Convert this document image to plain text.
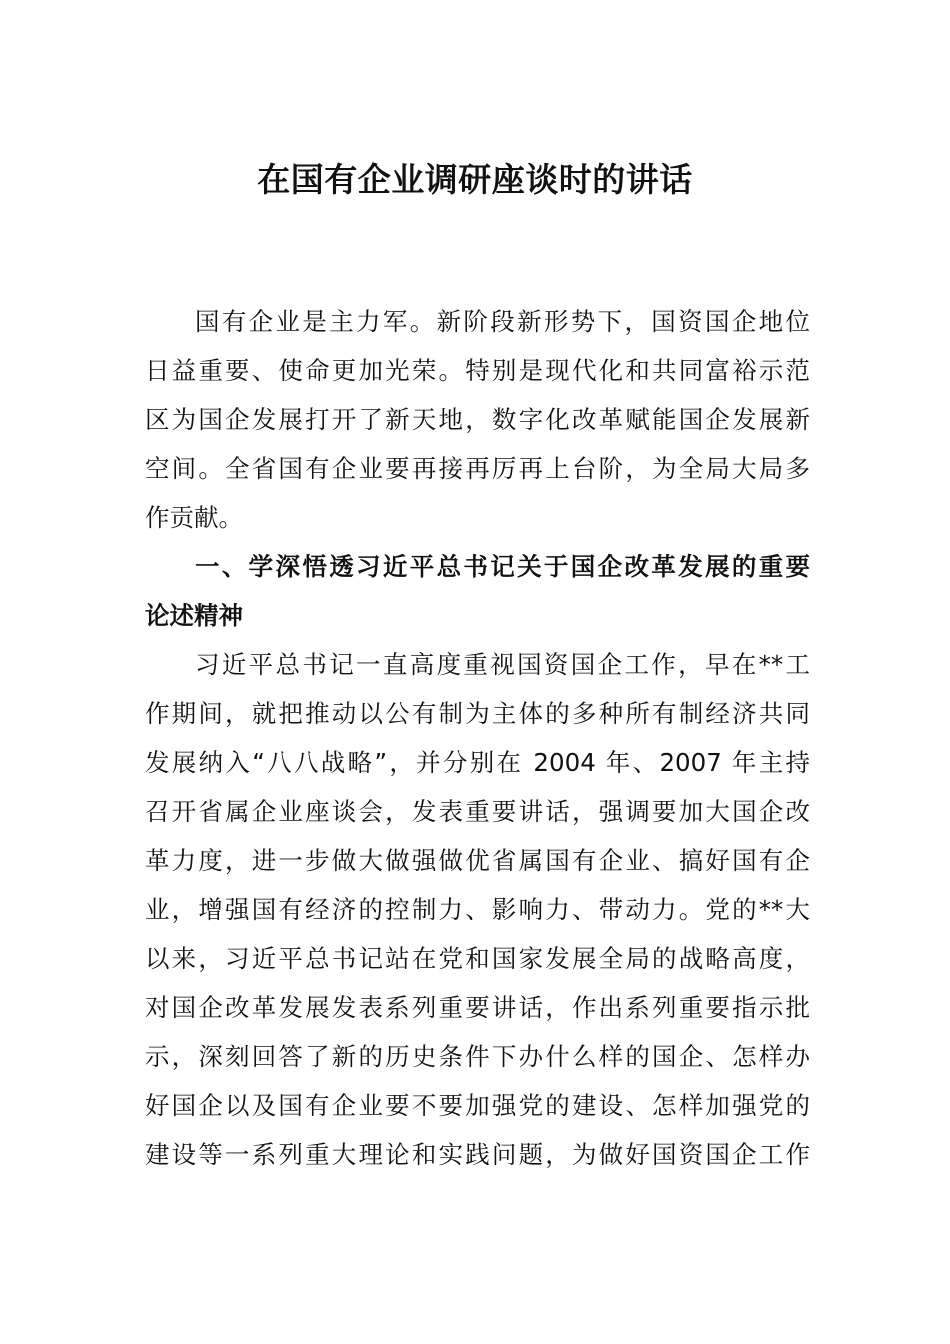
在国有企业调研座谈时的讲话
国有企业是主力军。新阶段新形势下，国资国企地位
日益重要、使命更加光荣。特别是现代化和共同富裕示范
区为国企发展打开了新天地，数字化改革赋能国企发展新
空间。全省国有企业要再接再厉再上台阶，为全局大局多
作贡献。
一、学深悟透习近平总书记关于国企改革发展的重要
论述精神
习近平总书记一直高度重视国资国企工作，早在**工
作期间，就把推动以公有制为主体的多种所有制经济共同
发展纳入“八八战略”，并分别在 2004 年、2007 年主持
召开省属企业座谈会，发表重要讲话，强调要加大国企改
革力度，进一步做大做强做优省属国有企业、搞好国有企
业，增强国有经济的控制力、影响力、带动力。党的**大
以来，习近平总书记站在党和国家发展全局的战略高度，
对国企改革发展发表系列重要讲话，作出系列重要指示批
示，深刻回答了新的历史条件下办什么样的国企、怎样办
好国企以及国有企业要不要加强党的建设、怎样加强党的
建设等一系列重大理论和实践问题，为做好国资国企工作
